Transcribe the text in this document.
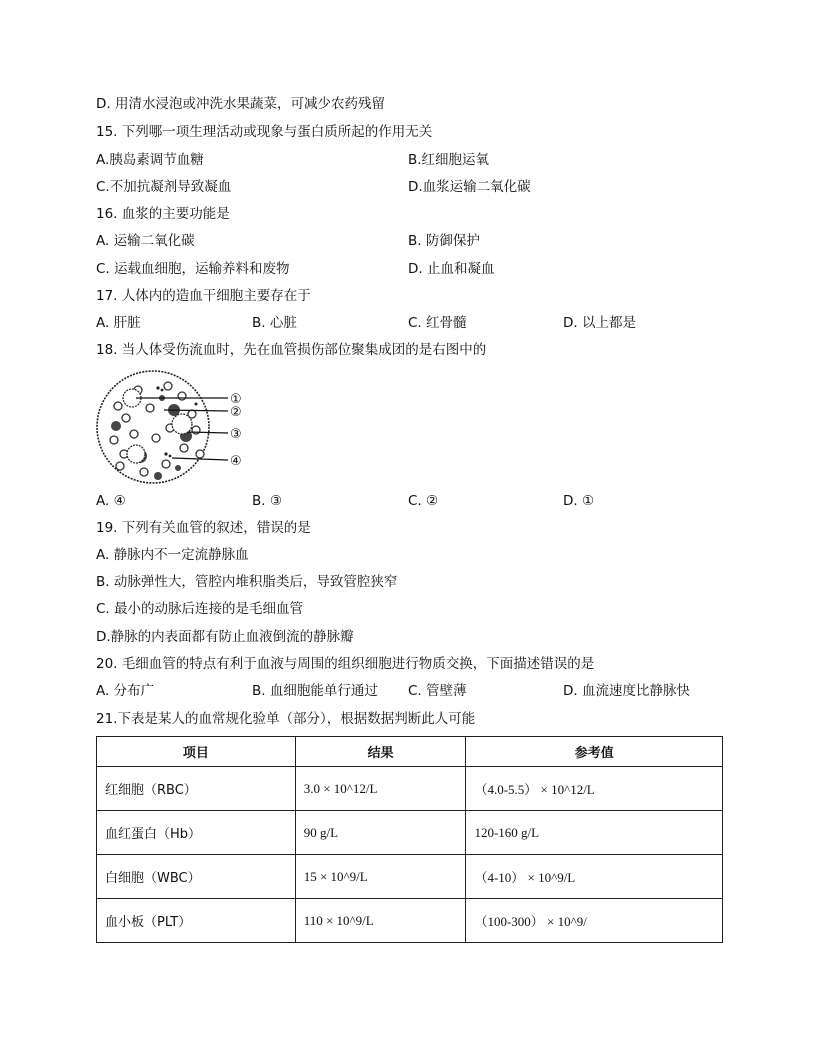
D. 用清水浸泡或冲洗水果蔬菜，可减少农药残留
15. 下列哪一项生理活动或现象与蛋白质所起的作用无关
A.胰岛素调节血糖	B.红细胞运氧
C.不加抗凝剂导致凝血	D.血浆运输二氧化碳
16. 血浆的主要功能是
A. 运输二氧化碳	B. 防御保护
C. 运载血细胞，运输养料和废物	D. 止血和凝血
17. 人体内的造血干细胞主要存在于
A. 肝脏	B. 心脏	C. 红骨髓	D. 以上都是
18. 当人体受伤流血时，先在血管损伤部位聚集成团的是右图中的
①
②
③
④
A. ④	B. ③	C. ②	D. ①
19. 下列有关血管的叙述，错误的是
A. 静脉内不一定流静脉血
B. 动脉弹性大，管腔内堆积脂类后，导致管腔狭窄
C. 最小的动脉后连接的是毛细血管
D.静脉的内表面都有防止血液倒流的静脉瓣
20. 毛细血管的特点有利于血液与周围的组织细胞进行物质交换，下面描述错误的是
A. 分布广	B. 血细胞能单行通过 C. 管壁薄	D. 血流速度比静脉快
21.下表是某人的血常规化验单（部分），根据数据判断此人可能
项目	结果	参考值
红细胞（RBC）	3.0 × 10^12/L	（4.0-5.5） × 10^12/L
血红蛋白（Hb）	90 g/L	120-160 g/L
白细胞（WBC）	15 × 10^9/L	（4-10） × 10^9/L
血小板（PLT）	110 × 10^9/L	（100-300） × 10^9/
